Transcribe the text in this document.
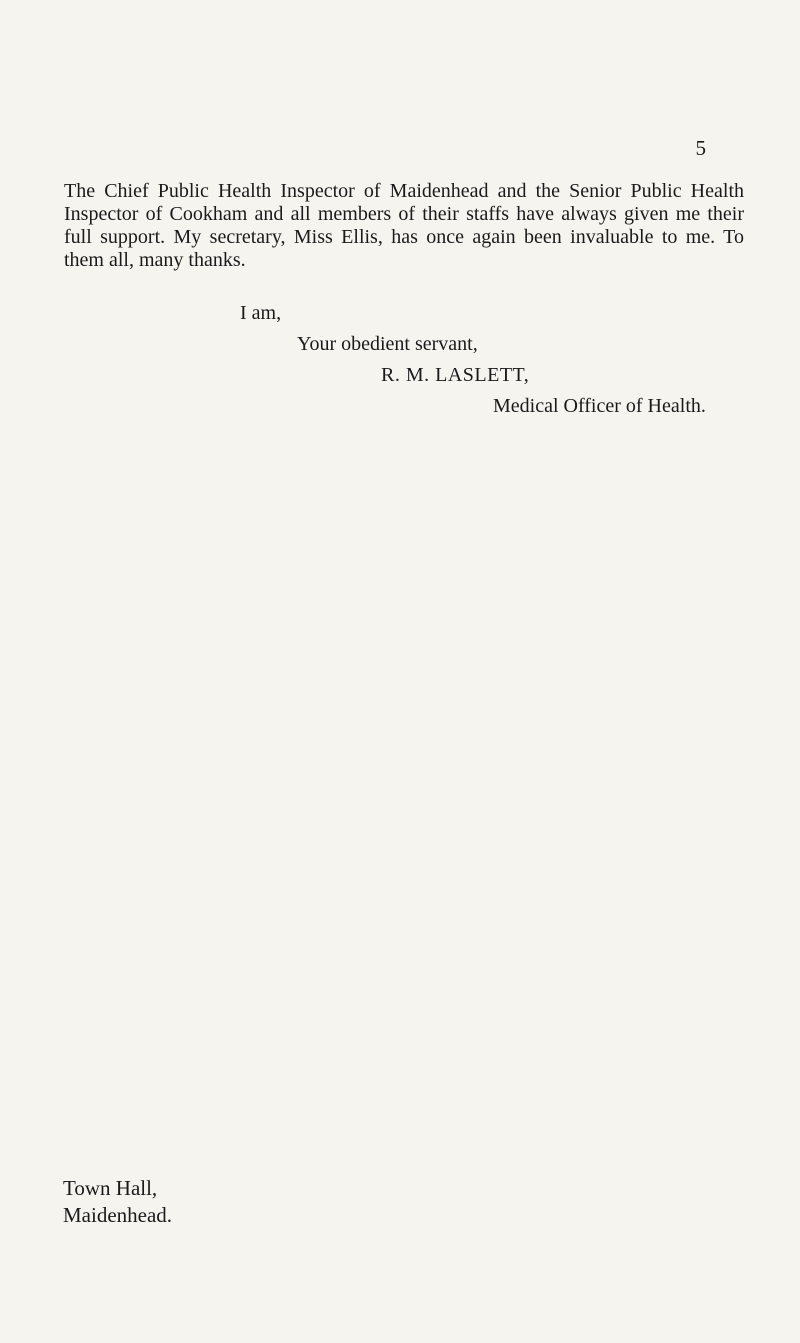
5

The Chief Public Health Inspector of Maidenhead and the Senior Public Health Inspector of Cookham and all members of their staffs have always given me their full support. My secretary, Miss Ellis, has once again been invaluable to me. To them all, many thanks.

I am,
Your obedient servant,
R. M. LASLETT,
Medical Officer of Health.
Town Hall,
Maidenhead.
